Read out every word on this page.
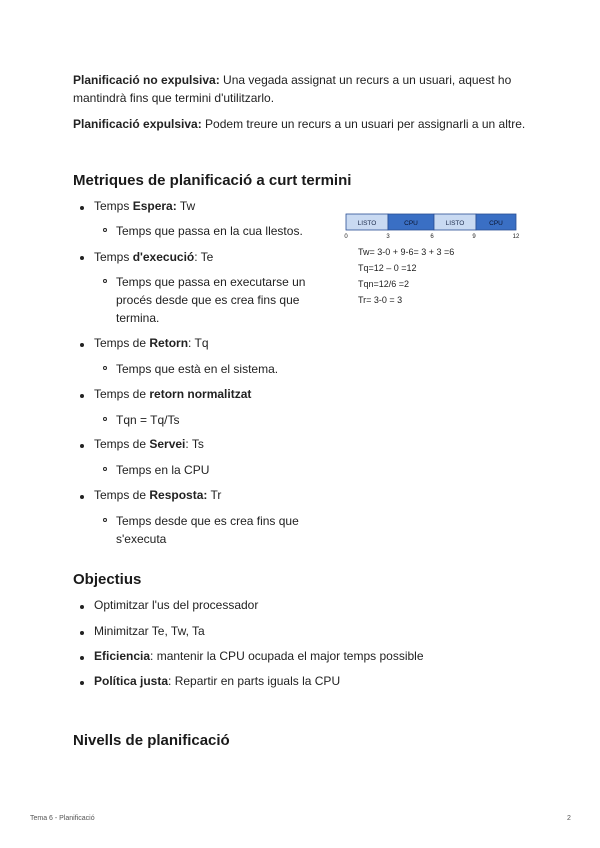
Planificació no expulsiva: Una vegada assignat un recurs a un usuari, aquest ho
mantindrà fins que termini d'utilitzarlo.
Planificació expulsiva: Podem treure un recurs a un usuari per assignarli a un altre.
Metriques de planificació a curt termini
Temps Espera: Tw
Temps que passa en la cua llestos.
Temps d'execució: Te
Temps que passa en executarse un
procés desde que es crea fins que
termina.
Temps de Retorn: Tq
Temps que està en el sistema.
Temps de retorn normalitzat
Tqn = Tq/Ts
Temps de Servei: Ts
Temps en la CPU
Temps de Resposta: Tr
Temps desde que es crea fins que
s'executa
LISTO	CPU	LISTO	CPU
0	3	6	9	12
Tw= 3-0 + 9-6= 3 + 3 =6
Tq=12 – 0 =12
Tqn=12/6 =2
Tr= 3-0 = 3
Objectius
Optimitzar l'us del processador
Minimitzar Te, Tw, Ta
Eficiencia: mantenir la CPU ocupada el major temps possible
Política justa: Repartir en parts iguals la CPU
Nivells de planificació
Tema 6 - Planificació	2
